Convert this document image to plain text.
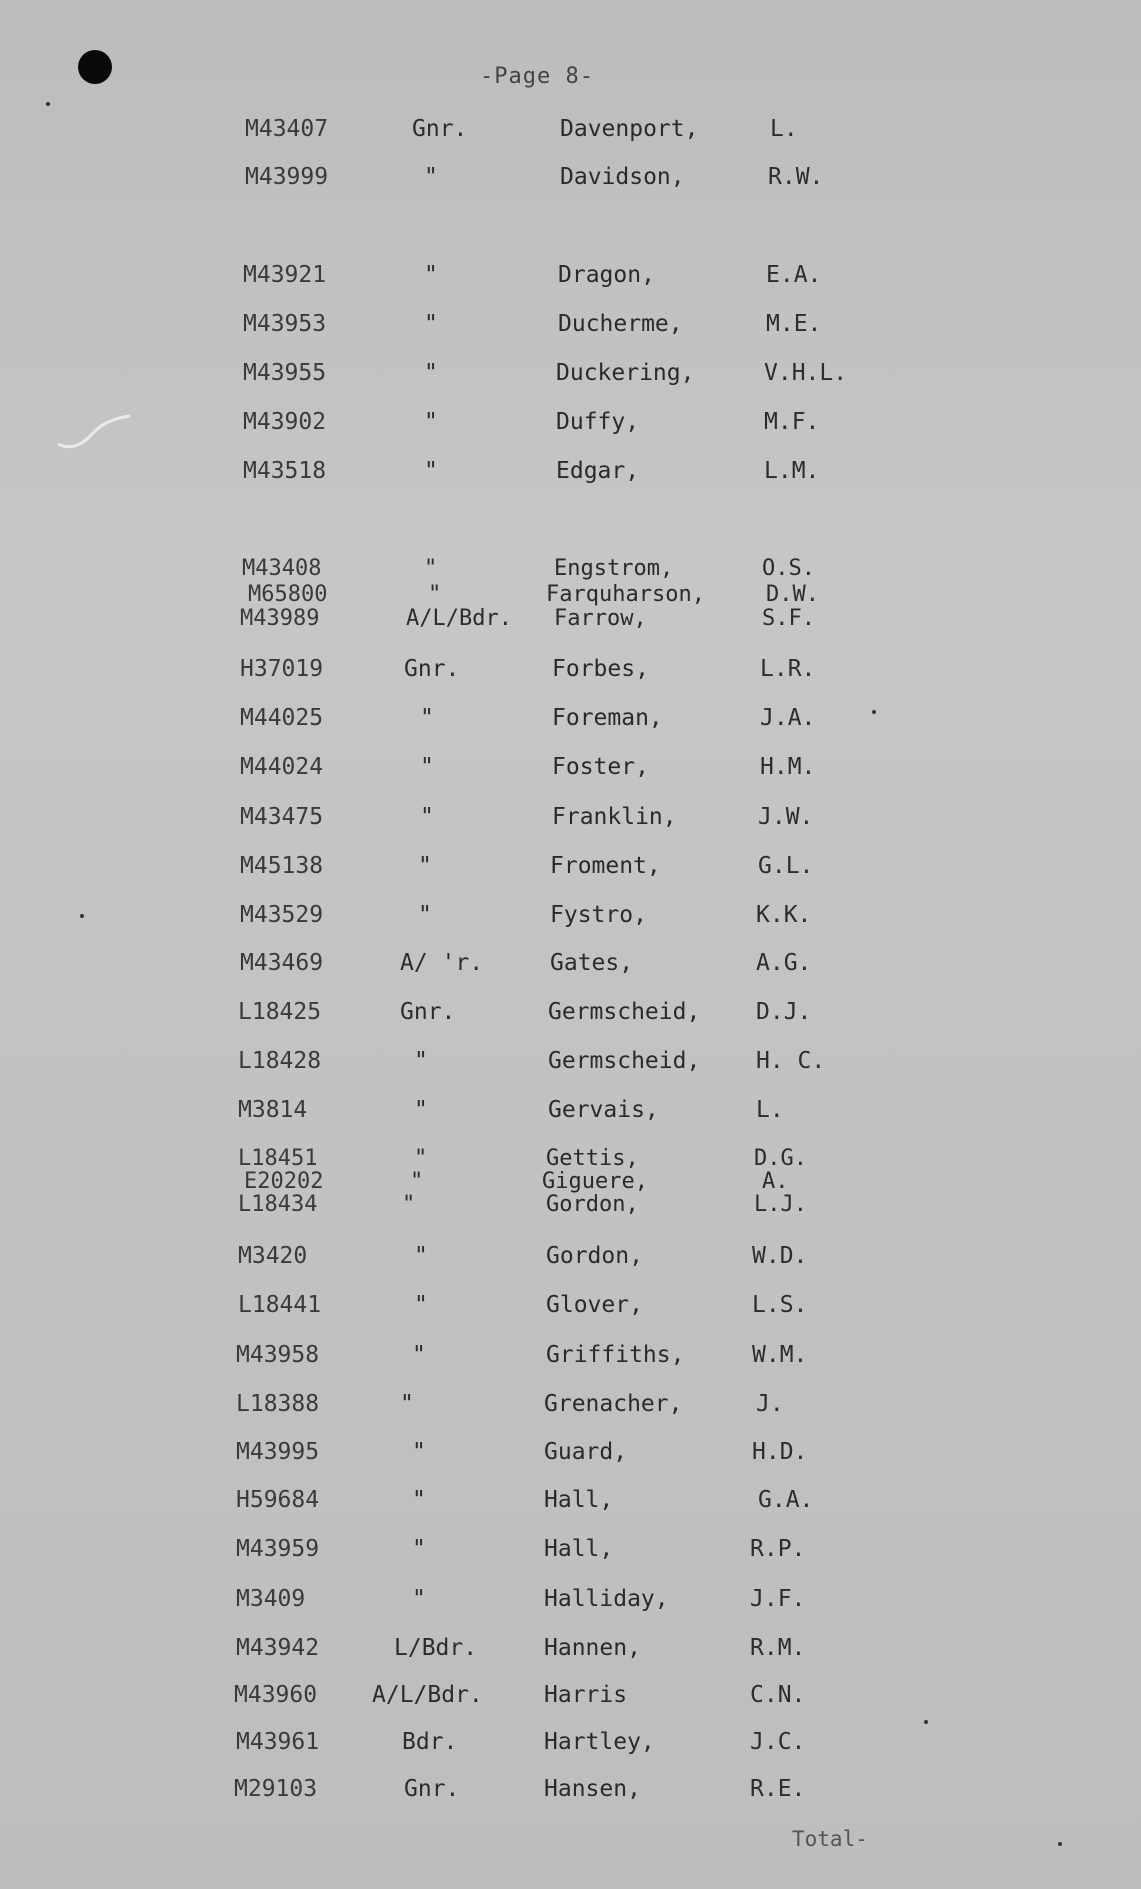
-Page 8-
M43407	Gnr.	Davenport,	L.
M43999	"	Davidson,	R.W.
M43921	"	Dragon,	E.A.
M43953	"	Ducherme,	M.E.
M43955	"	Duckering,	V.H.L.
M43902	"	Duffy,	M.F.
M43518	"	Edgar,	L.M.
M43408	"	Engstrom,	O.S.
M65800	"	Farquharson,	D.W.
M43989	A/L/Bdr. Farrow,	S.F.
H37019	Gnr.	Forbes,	L.R.
M44025	"	Foreman,	J.A.
M44024	"	Foster,	H.M.
M43475	"	Franklin,	J.W.
M45138	"	Froment,	G.L.
M43529	"	Fystro,	K.K.
M43469	A/ 'r.	Gates,	A.G.
L18425	Gnr.	Germscheid, D.J.
L18428	"	Germscheid, H. C.
M3814	"	Gervais,	L.
L18451	"	Gettis,	D.G.
E20202	"	Giguere,	A.
L18434	"	Gordon,	L.J.
M3420	"	Gordon,	W.D.
L18441	"	Glover,	L.S.
M43958	"	Griffiths,	W.M.
L18388	"	Grenacher,	J.
M43995	"	Guard,	H.D.
H59684	"	Hall,	G.A.
M43959	"	Hall,	R.P.
M3409	"	Halliday,	J.F.
M43942	L/Bdr.	Hannen,	R.M.
M43960 A/L/Bdr.	Harris	C.N.
M43961	Bdr.	Hartley,	J.C.
M29103	Gnr.	Hansen,	R.E.
Total-
